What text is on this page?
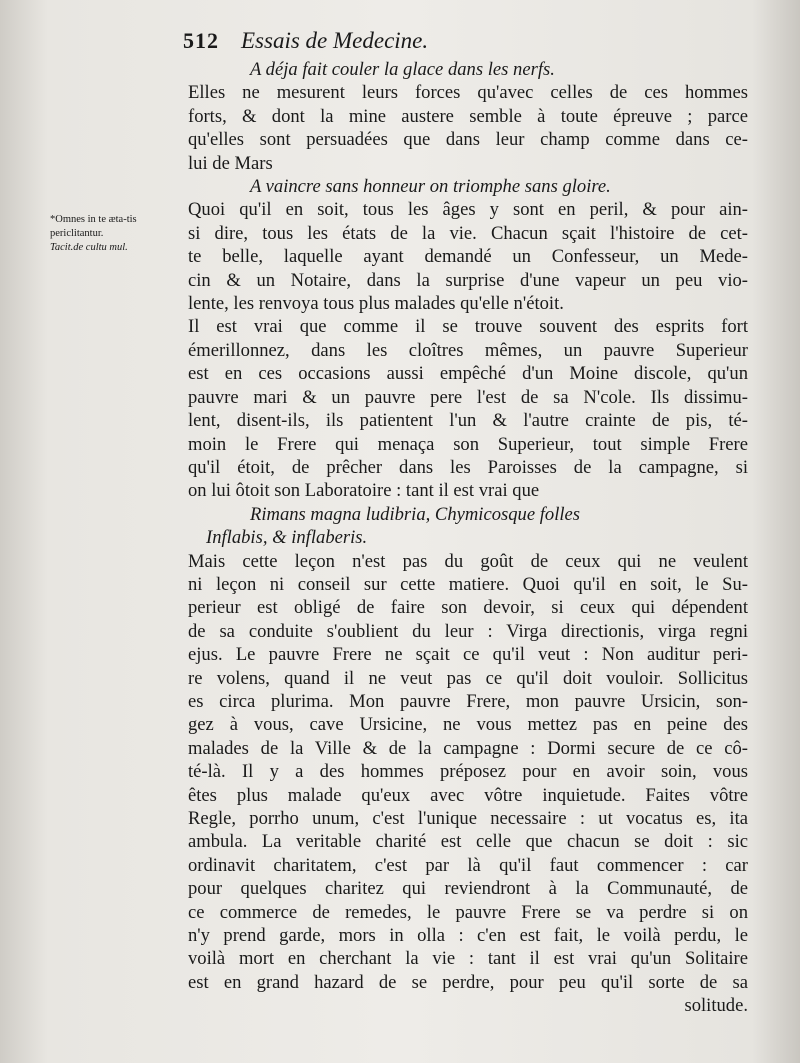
512 Essais de Medecine.
*Omnes in te æta-tis periclitantur.
Tacit.de cultu mul.
A déja fait couler la glace dans les nerfs.
Elles ne mesurent leurs forces qu'avec celles de ces hommes
forts, & dont la mine austere semble à toute épreuve ; parce
qu'elles sont persuadées que dans leur champ comme dans ce-
lui de Mars
A vaincre sans honneur on triomphe sans gloire.
Quoi qu'il en soit, tous les âges y sont en peril, & pour ain-
si dire, tous les états de la vie. Chacun sçait l'histoire de cet-
te belle, laquelle ayant demandé un Confesseur, un Mede-
cin & un Notaire, dans la surprise d'une vapeur un peu vio-
lente, les renvoya tous plus malades qu'elle n'étoit.
Il est vrai que comme il se trouve souvent des esprits fort
émerillonnez, dans les cloîtres mêmes, un pauvre Superieur
est en ces occasions aussi empêché d'un Moine discole, qu'un
pauvre mari & un pauvre pere l'est de sa N'cole. Ils dissimu-
lent, disent-ils, ils patientent l'un & l'autre crainte de pis, té-
moin le Frere qui menaça son Superieur, tout simple Frere
qu'il étoit, de prêcher dans les Paroisses de la campagne, si
on lui ôtoit son Laboratoire : tant il est vrai que
Rimans magna ludibria, Chymicosque folles
Inflabis, & inflaberis.
Mais cette leçon n'est pas du goût de ceux qui ne veulent
ni leçon ni conseil sur cette matiere. Quoi qu'il en soit, le Su-
perieur est obligé de faire son devoir, si ceux qui dépendent
de sa conduite s'oublient du leur : Virga directionis, virga regni
ejus. Le pauvre Frere ne sçait ce qu'il veut : Non auditur peri-
re volens, quand il ne veut pas ce qu'il doit vouloir. Sollicitus
es circa plurima. Mon pauvre Frere, mon pauvre Ursicin, son-
gez à vous, cave Ursicine, ne vous mettez pas en peine des
malades de la Ville & de la campagne : Dormi secure de ce cô-
té-là. Il y a des hommes préposez pour en avoir soin, vous
êtes plus malade qu'eux avec vôtre inquietude. Faites vôtre
Regle, porrho unum, c'est l'unique necessaire : ut vocatus es, ita
ambula. La veritable charité est celle que chacun se doit : sic
ordinavit charitatem, c'est par là qu'il faut commencer : car
pour quelques charitez qui reviendront à la Communauté, de
ce commerce de remedes, le pauvre Frere se va perdre si on
n'y prend garde, mors in olla : c'en est fait, le voilà perdu, le
voilà mort en cherchant la vie : tant il est vrai qu'un Solitaire
est en grand hazard de se perdre, pour peu qu'il sorte de sa
solitude.
